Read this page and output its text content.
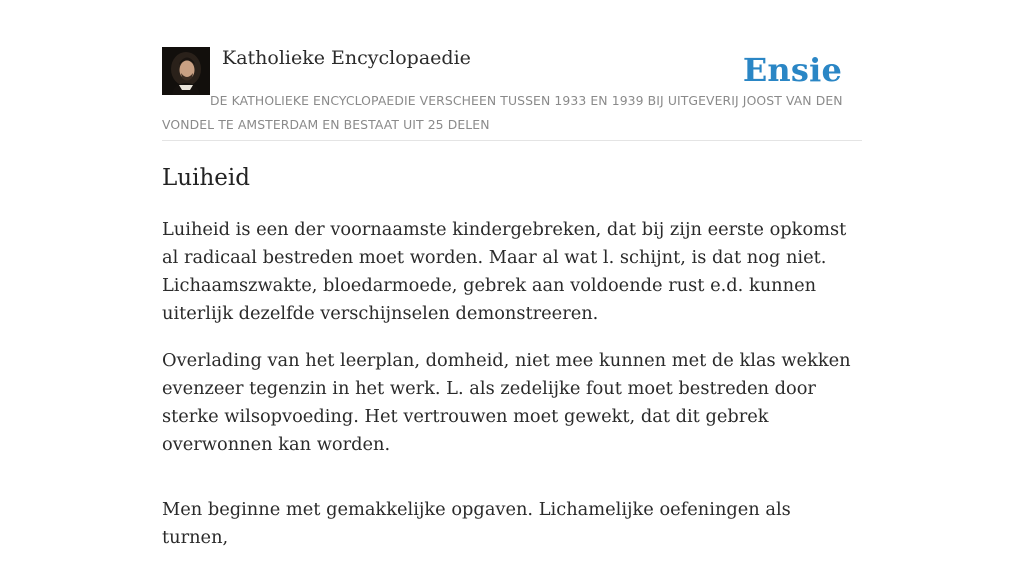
Katholieke Encyclopaedie	Ensie
DE KATHOLIEKE ENCYCLOPAEDIE VERSCHEEN TUSSEN 1933 EN 1939 BIJ UITGEVERIJ JOOST VAN DEN VONDEL TE AMSTERDAM EN BESTAAT UIT 25 DELEN
Luiheid

Luiheid is een der voornaamste kindergebreken, dat bij zijn eerste opkomst al radicaal bestreden moet worden. Maar al wat l. schijnt, is dat nog niet. Lichaamszwakte, bloedarmoede, gebrek aan voldoende rust e.d. kunnen uiterlijk dezelfde verschijnselen demonstreeren.

Overlading van het leerplan, domheid, niet mee kunnen met de klas wekken evenzeer tegenzin in het werk. L. als zedelijke fout moet bestreden door sterke wilsopvoeding. Het vertrouwen moet gewekt, dat dit gebrek overwonnen kan worden.

Men beginne met gemakkelijke opgaven. Lichamelijke oefeningen als turnen,
